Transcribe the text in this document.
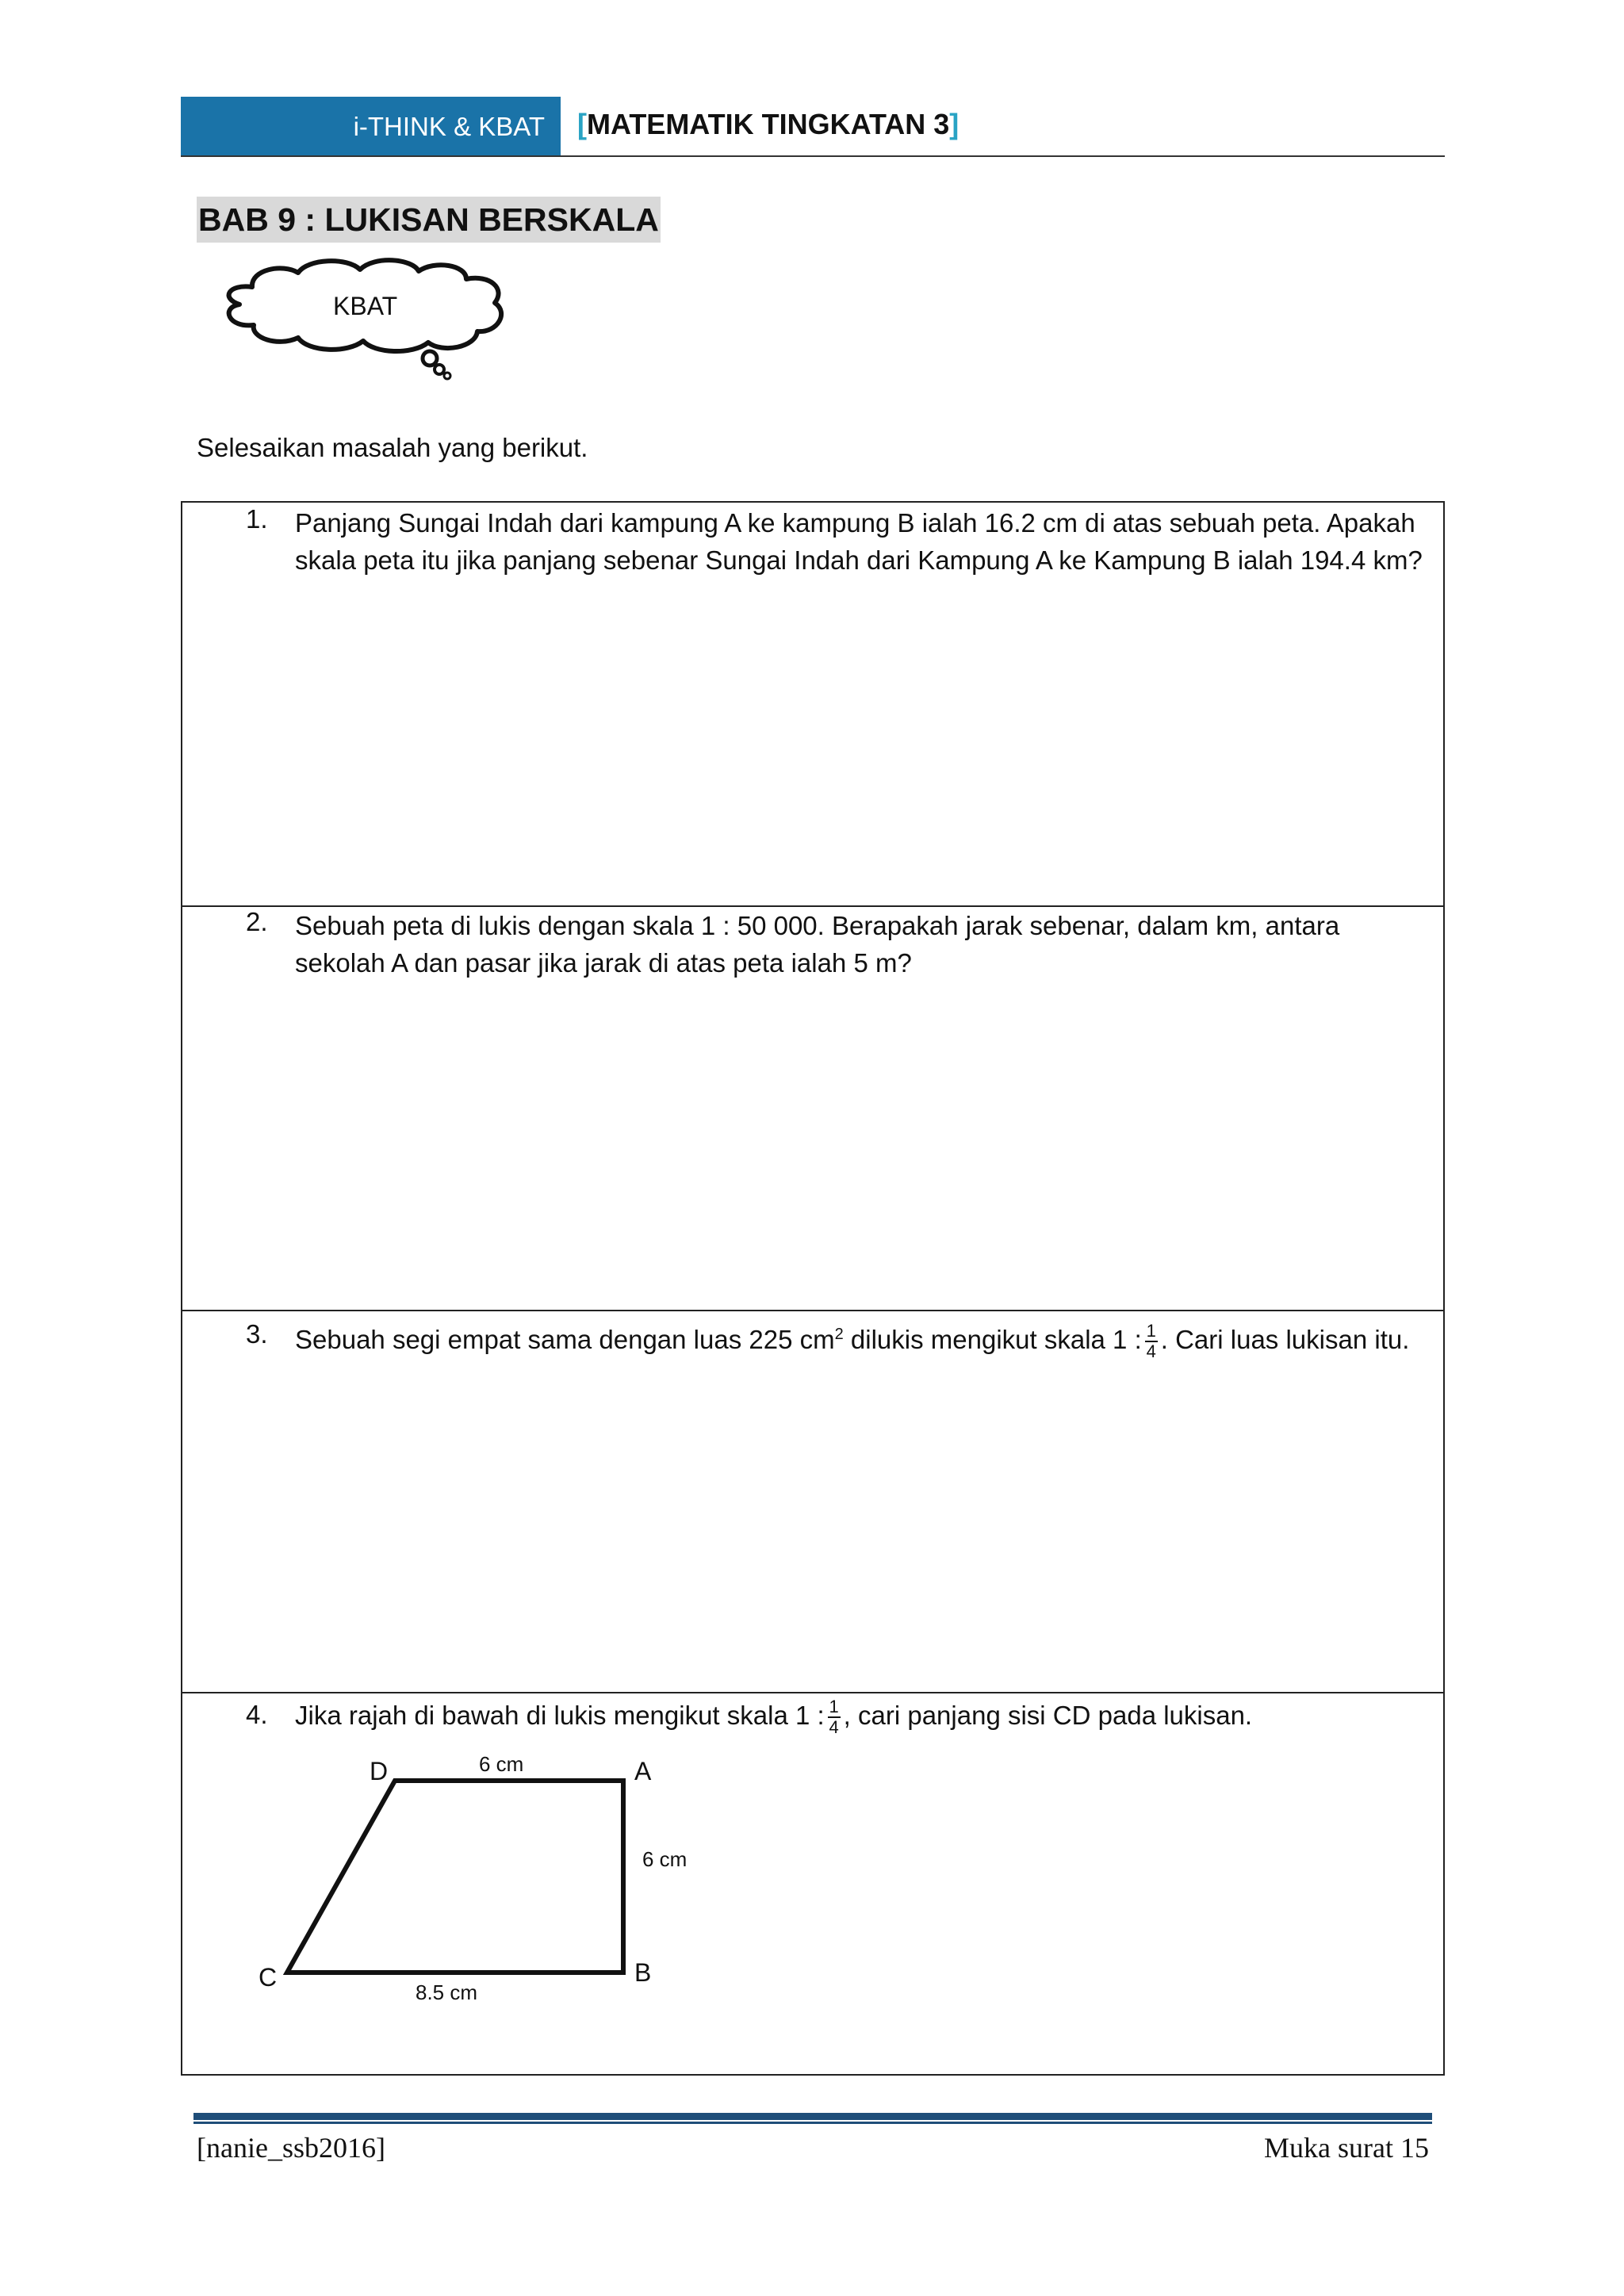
i-THINK & KBAT [MATEMATIK TINGKATAN 3]
BAB 9 : LUKISAN BERSKALA
KBAT
Selesaikan masalah yang berikut.
1. Panjang Sungai Indah dari kampung A ke kampung B ialah 16.2 cm di atas sebuah peta. Apakah skala peta itu jika panjang sebenar Sungai Indah dari Kampung A ke Kampung B ialah 194.4 km?
2. Sebuah peta di lukis dengan skala 1 : 50 000. Berapakah jarak sebenar, dalam km, antara sekolah A dan pasar jika jarak di atas peta ialah 5 m?
3. Sebuah segi empat sama dengan luas 225 $cm^2$ dilukis mengikut skala 1 : $\frac{1}{4}$ . Cari luas lukisan itu.
4. Jika rajah di bawah di lukis mengikut skala 1 : $\frac{1}{4}$ , cari panjang sisi CD pada lukisan.
D	A
B
C
6 cm
6 cm
8.5 cm
[nanie_ssb2016]	Muka surat 15
